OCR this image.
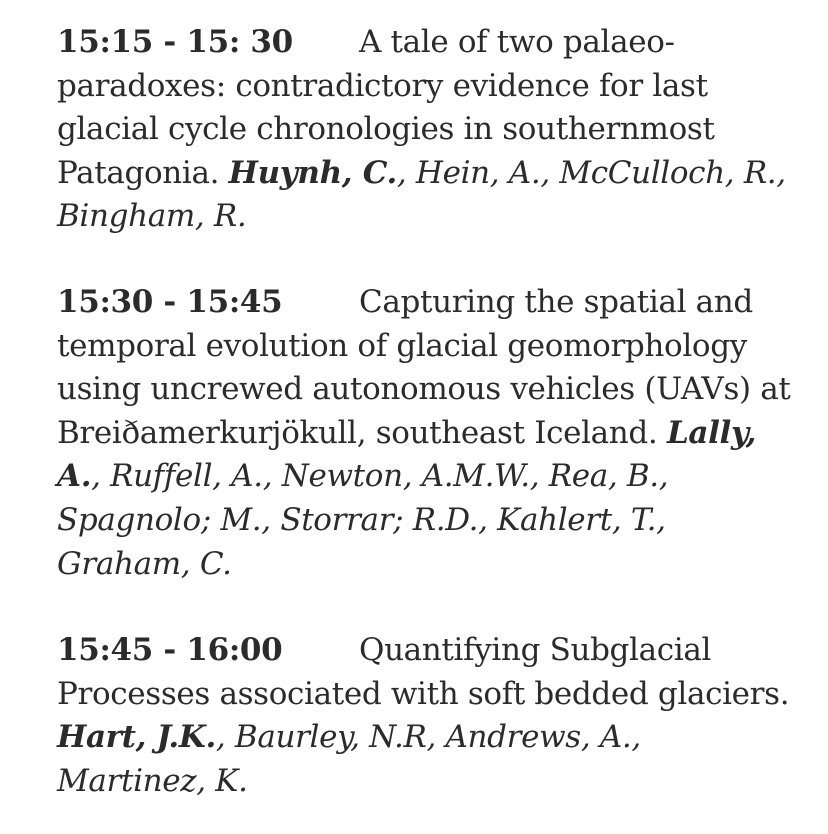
15:15 - 15: 30 A tale of two palaeo-paradoxes: contradictory evidence for last glacial cycle chronologies in southernmost Patagonia. Huynh, C., Hein, A., McCulloch, R., Bingham, R.

15:30 - 15:45 Capturing the spatial and temporal evolution of glacial geomorphology using uncrewed autonomous vehicles (UAVs) at Breiðamerkurjökull, southeast Iceland. Lally, A., Ruffell, A., Newton, A.M.W., Rea, B., Spagnolo; M., Storrar; R.D., Kahlert, T., Graham, C.

15:45 - 16:00 Quantifying Subglacial Processes associated with soft bedded glaciers. Hart, J.K., Baurley, N.R, Andrews, A., Martinez, K.
